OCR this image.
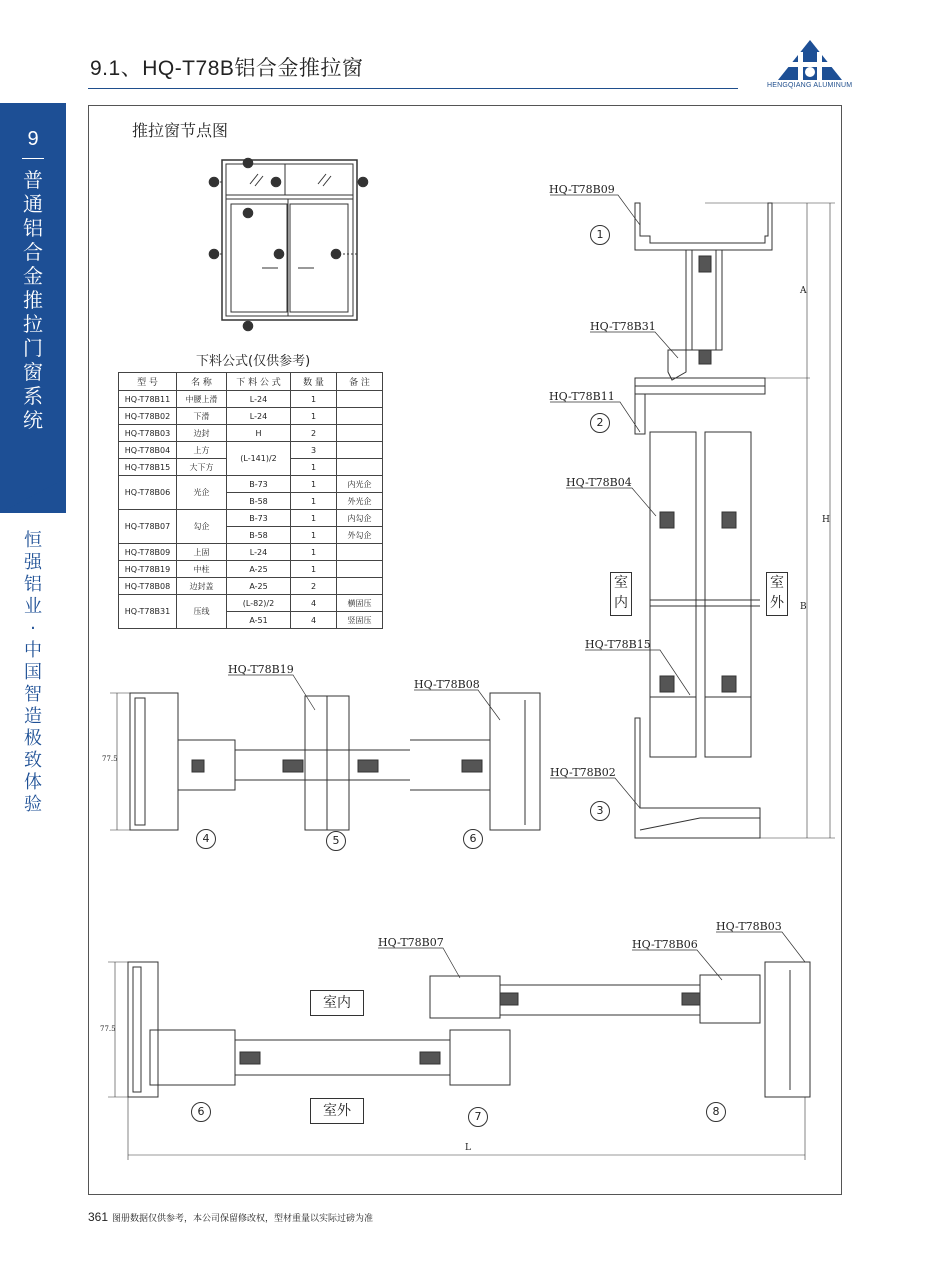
9.1、HQ-T78B铝合金推拉窗
HENGQIANG ALUMINUM
9
普通铝合金推拉门窗系统
恒强铝业·中国智造 极致体验
推拉窗节点图
下料公式(仅供参考)
型 号	名 称	下 料 公 式	数 量	备 注
HQ-T78B11	中腰上滑	L-24	1	
HQ-T78B02	下滑	L-24	1	
HQ-T78B03	边封	H	2	
HQ-T78B04	上方	(L-141)/2	3	
HQ-T78B15	大下方		1	
HQ-T78B06	光企	B-73	1	内光企
		B-58	1	外光企
HQ-T78B07	勾企	B-73	1	内勾企
		B-58	1	外勾企
HQ-T78B09	上固	L-24	1	
HQ-T78B19	中柱	A-25	1	
HQ-T78B08	边封盖	A-25	2	
HQ-T78B31	压线	(L-82)/2	4	横固压
		A-51	4	竖固压
④	⑥
⑤
⑥
⑦	⑨
⑧
⑤
HQ-T78B09
HQ-T78B31
HQ-T78B11
HQ-T78B04
HQ-T78B15
HQ-T78B02
HQ-T78B19
HQ-T78B08
HQ-T78B07	HQ-T78B06
HQ-T78B03
1
2
3
4	5	6
6	7	8
室内
室外
室内
室外
A
B
H
L
77.5
77.5
361 图册数据仅供参考，本公司保留修改权，型材重量以实际过磅为准
